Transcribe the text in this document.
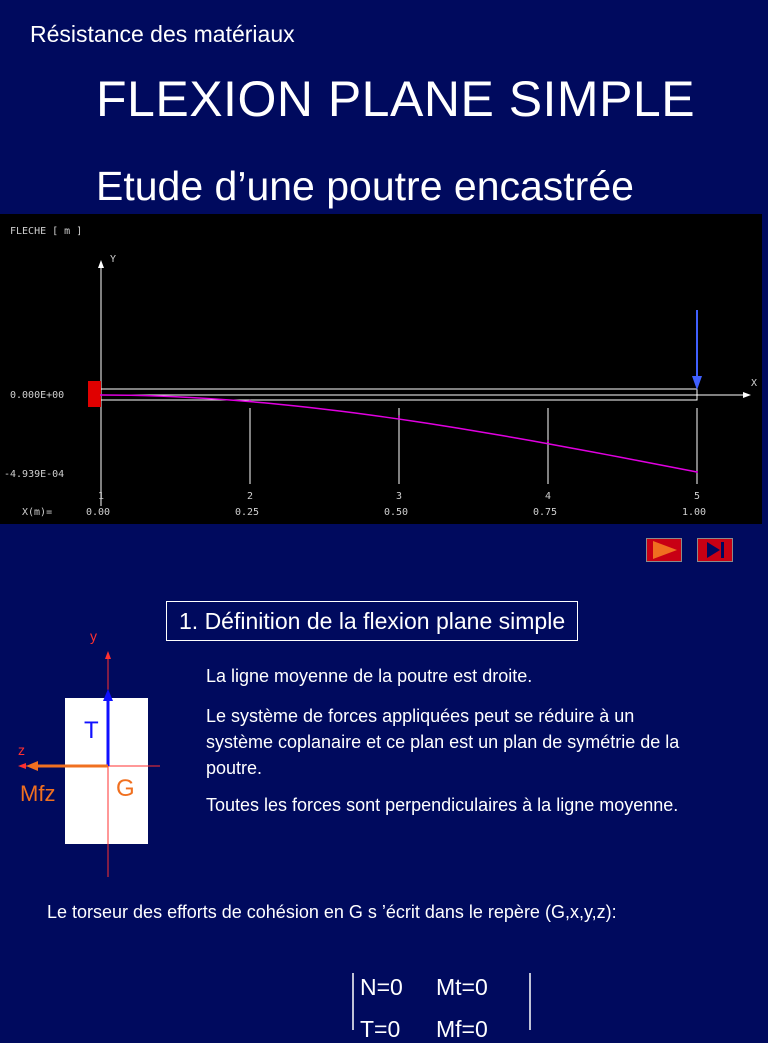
Résistance des matériaux
FLEXION PLANE SIMPLE
Etude d’une poutre encastrée
FLECHE [ m ]
Y
X
0.000E+00
-4.939E-04
1
0.00
2
0.25
3
0.50
4
0.75
5
1.00
X(m)=
1. Définition de la flexion plane simple
y
z
T
G
Mfz
La ligne moyenne de la poutre est droite.
Le système de forces appliquées peut se réduire à un système coplanaire et ce plan est un plan de symétrie de la poutre.
Toutes les forces sont perpendiculaires à la ligne moyenne.
Le torseur des efforts de cohésion en G s ’écrit dans le repère (G,x,y,z):
N=0 Mt=0
T=0 Mf=0
